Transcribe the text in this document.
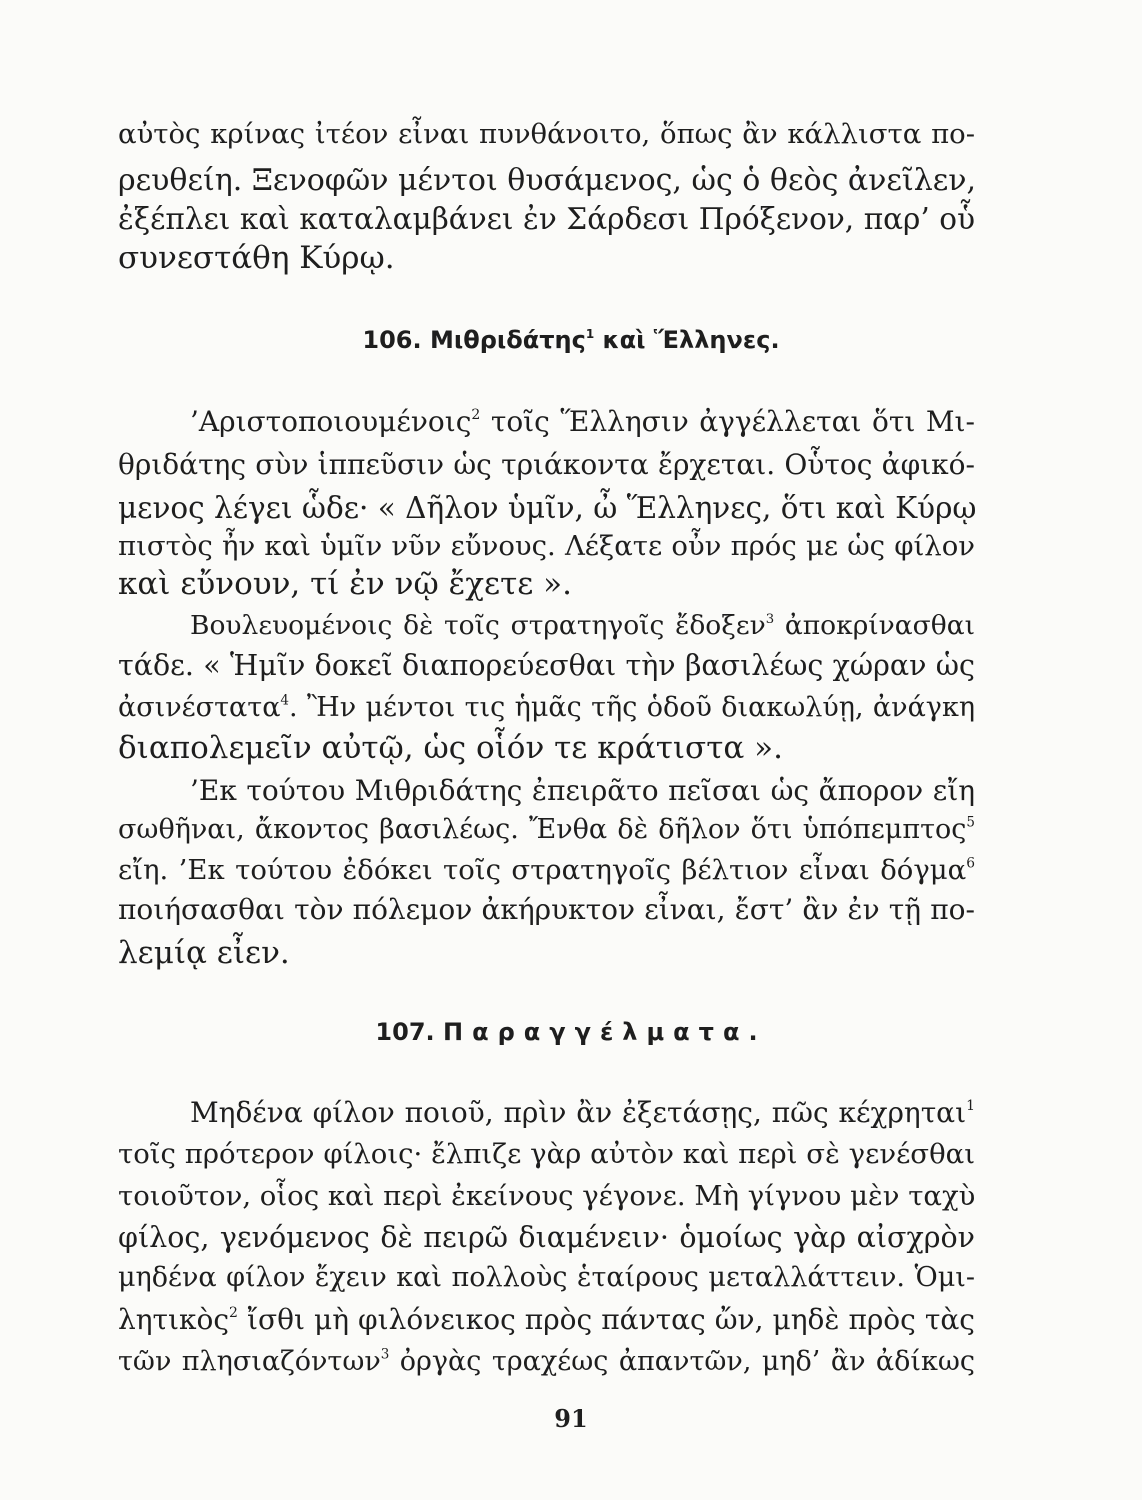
αὐτὸς κρίνας ἰτέον εἶναι πυνθάνοιτο, ὅπως ἂν κάλλιστα πο-
ρευθείη. Ξενοφῶν μέντοι θυσάμενος, ὡς ὁ θεὸς ἀνεῖλεν,
ἐξέπλει καὶ καταλαμβάνει ἐν Σάρδεσι Πρόξενον, παρ’ οὗ
συνεστάθη Κύρῳ.
106. Μιθριδάτης$^1$ καὶ Ἕλληνες.
’Αριστοποιουμένοις$^2$ τοῖς Ἕλλησιν ἀγγέλλεται ὅτι Μι-
θριδάτης σὺν ἱππεῦσιν ὡς τριάκοντα ἔρχεται. Οὗτος ἀφικό-
μενος λέγει ὧδε· « Δῆλον ὑμῖν, ὦ Ἕλληνες, ὅτι καὶ Κύρῳ
πιστὸς ἦν καὶ ὑμῖν νῦν εὔνους. Λέξατε οὖν πρός με ὡς φίλον
καὶ εὔνουν, τί ἐν νῷ ἔχετε ».
Βουλευομένοις δὲ τοῖς στρατηγοῖς ἔδοξεν$^3$ ἀποκρίνασθαι
τάδε. « Ἡμῖν δοκεῖ διαπορεύεσθαι τὴν βασιλέως χώραν ὡς
ἀσινέστατα$^4$. Ἢν μέντοι τις ἡμᾶς τῆς ὁδοῦ διακωλύῃ, ἀνάγκη
διαπολεμεῖν αὐτῷ, ὡς οἷόν τε κράτιστα ».
’Εκ τούτου Μιθριδάτης ἐπειρᾶτο πεῖσαι ὡς ἄπορον εἴη
σωθῆναι, ἄκοντος βασιλέως. Ἔνθα δὲ δῆλον ὅτι ὑπόπεμπτος$^5$
εἴη. ’Εκ τούτου ἐδόκει τοῖς στρατηγοῖς βέλτιον εἶναι δόγμα$^6$
ποιήσασθαι τὸν πόλεμον ἀκήρυκτον εἶναι, ἔστ’ ἂν ἐν τῇ πο-
λεμίᾳ εἶεν.
107. Παραγγέλματα.
Μηδένα φίλον ποιοῦ, πρὶν ἂν ἐξετάσῃς, πῶς κέχρηται$^1$
τοῖς πρότερον φίλοις· ἔλπιζε γὰρ αὐτὸν καὶ περὶ σὲ γενέσθαι
τοιοῦτον, οἷος καὶ περὶ ἐκείνους γέγονε. Μὴ γίγνου μὲν ταχὺ
φίλος, γενόμενος δὲ πειρῶ διαμένειν· ὁμοίως γὰρ αἰσχρὸν
μηδένα φίλον ἔχειν καὶ πολλοὺς ἑταίρους μεταλλάττειν. Ὁμι-
λητικὸς$^2$ ἴσθι μὴ φιλόνεικος πρὸς πάντας ὤν, μηδὲ πρὸς τὰς
τῶν πλησιαζόντων$^3$ ὀργὰς τραχέως ἀπαντῶν, μηδ’ ἂν ἀδίκως
91
